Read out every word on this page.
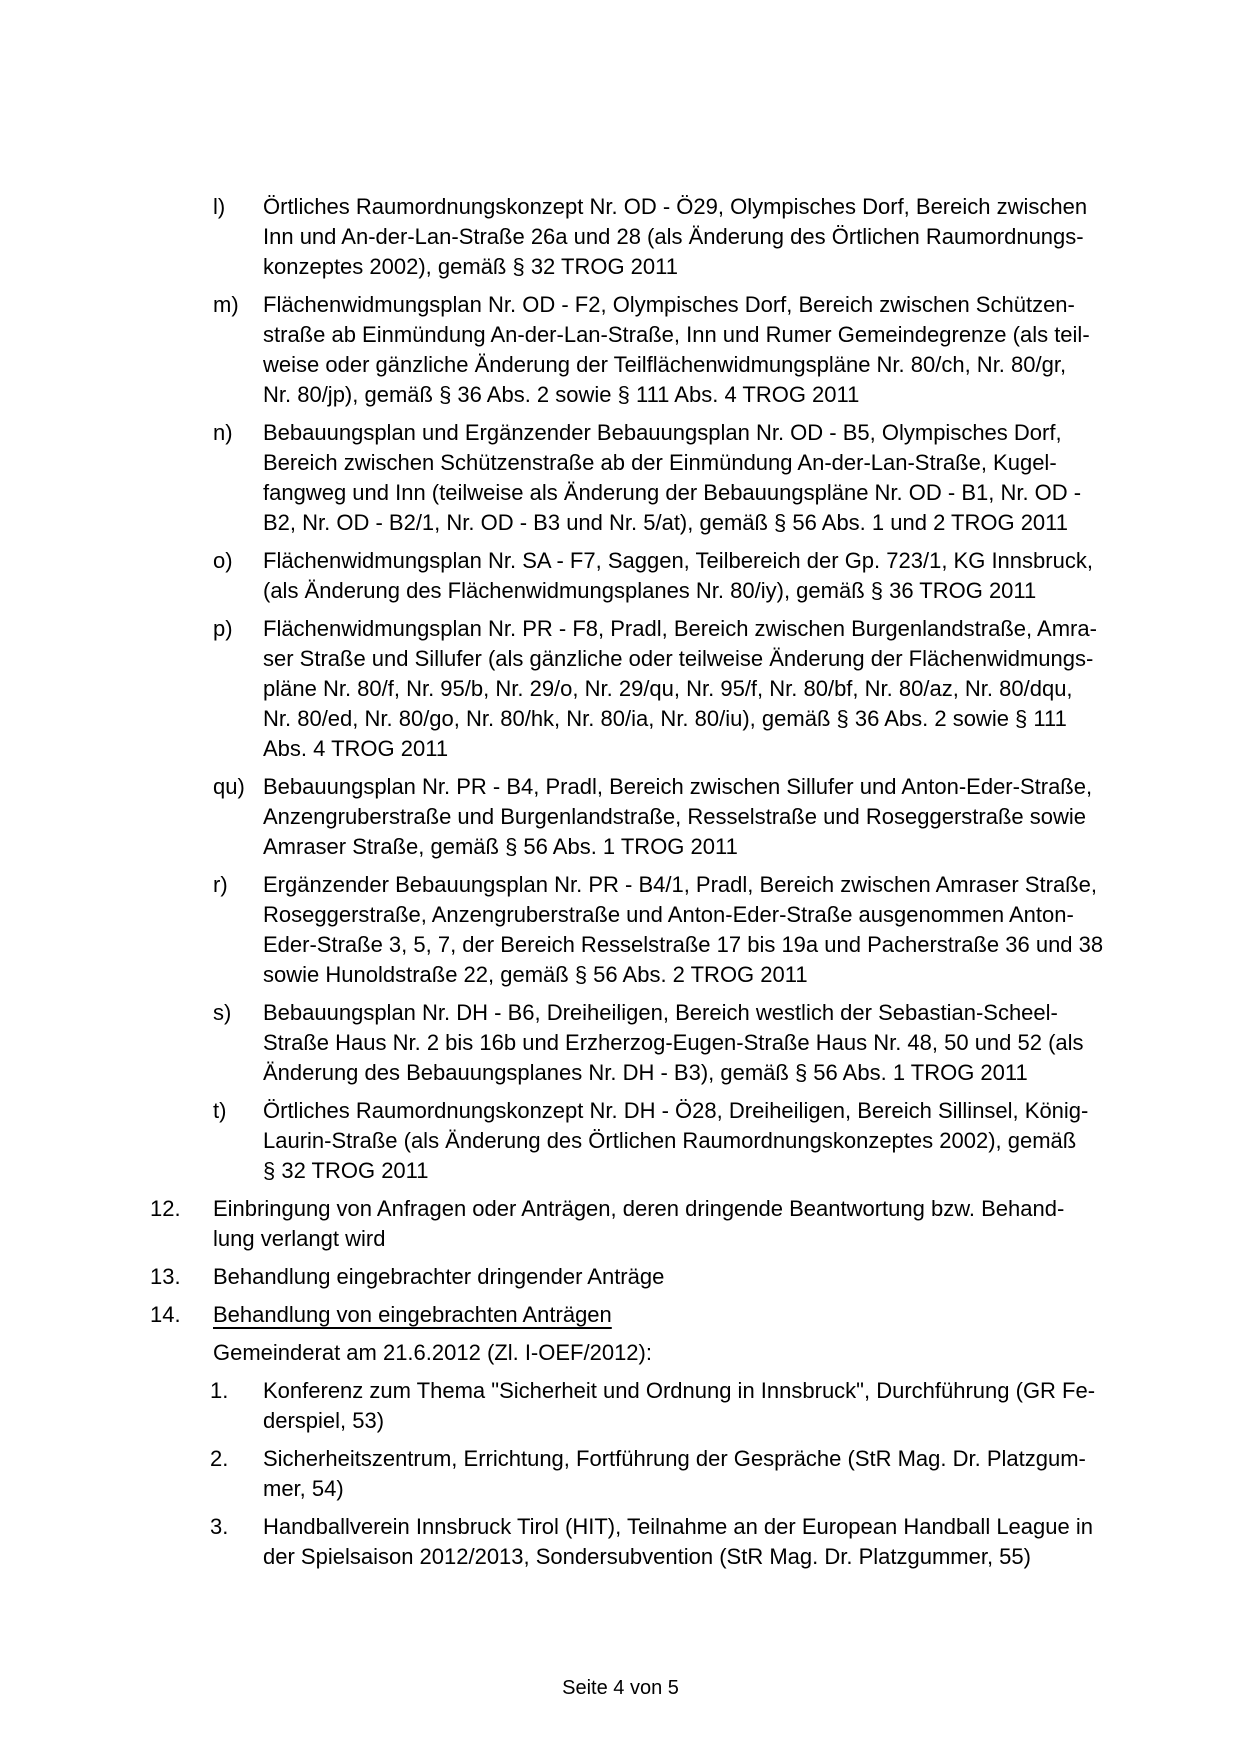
l)	Örtliches Raumordnungskonzept Nr. OD - Ö29, Olympisches Dorf, Bereich zwischen
Inn und An-der-Lan-Straße 26a und 28 (als Änderung des Örtlichen Raumordnungs-
konzeptes 2002), gemäß § 32 TROG 2011
m)	Flächenwidmungsplan Nr. OD - F2, Olympisches Dorf, Bereich zwischen Schützen-
straße ab Einmündung An-der-Lan-Straße, Inn und Rumer Gemeindegrenze (als teil-
weise oder gänzliche Änderung der Teilflächenwidmungspläne Nr. 80/ch, Nr. 80/gr,
Nr. 80/jp), gemäß § 36 Abs. 2 sowie § 111 Abs. 4 TROG 2011
n)	Bebauungsplan und Ergänzender Bebauungsplan Nr. OD - B5, Olympisches Dorf,
Bereich zwischen Schützenstraße ab der Einmündung An-der-Lan-Straße, Kugel-
fangweg und Inn (teilweise als Änderung der Bebauungspläne Nr. OD - B1, Nr. OD -
B2, Nr. OD - B2/1, Nr. OD - B3 und Nr. 5/at), gemäß § 56 Abs. 1 und 2 TROG 2011
o)	Flächenwidmungsplan Nr. SA - F7, Saggen, Teilbereich der Gp. 723/1, KG Innsbruck,
(als Änderung des Flächenwidmungsplanes Nr. 80/iy), gemäß § 36 TROG 2011
p)	Flächenwidmungsplan Nr. PR - F8, Pradl, Bereich zwischen Burgenlandstraße, Amra-
ser Straße und Sillufer (als gänzliche oder teilweise Änderung der Flächenwidmungs-
pläne Nr. 80/f, Nr. 95/b, Nr. 29/o, Nr. 29/qu, Nr. 95/f, Nr. 80/bf, Nr. 80/az, Nr. 80/dqu,
Nr. 80/ed, Nr. 80/go, Nr. 80/hk, Nr. 80/ia, Nr. 80/iu), gemäß § 36 Abs. 2 sowie § 111
Abs. 4 TROG 2011
qu) Bebauungsplan Nr. PR - B4, Pradl, Bereich zwischen Sillufer und Anton-Eder-Straße,
Anzengruberstraße und Burgenlandstraße, Resselstraße und Roseggerstraße sowie
Amraser Straße, gemäß § 56 Abs. 1 TROG 2011
r)	Ergänzender Bebauungsplan Nr. PR - B4/1, Pradl, Bereich zwischen Amraser Straße,
Roseggerstraße, Anzengruberstraße und Anton-Eder-Straße ausgenommen Anton-
Eder-Straße 3, 5, 7, der Bereich Resselstraße 17 bis 19a und Pacherstraße 36 und 38
sowie Hunoldstraße 22, gemäß § 56 Abs. 2 TROG 2011
s)	Bebauungsplan Nr. DH - B6, Dreiheiligen, Bereich westlich der Sebastian-Scheel-
Straße Haus Nr. 2 bis 16b und Erzherzog-Eugen-Straße Haus Nr. 48, 50 und 52 (als
Änderung des Bebauungsplanes Nr. DH - B3), gemäß § 56 Abs. 1 TROG 2011
t)	Örtliches Raumordnungskonzept Nr. DH - Ö28, Dreiheiligen, Bereich Sillinsel, König-
Laurin-Straße (als Änderung des Örtlichen Raumordnungskonzeptes 2002), gemäß
§ 32 TROG 2011
12.	Einbringung von Anfragen oder Anträgen, deren dringende Beantwortung bzw. Behand-
lung verlangt wird
13.	Behandlung eingebrachter dringender Anträge
14.	Behandlung von eingebrachten Anträgen
Gemeinderat am 21.6.2012 (Zl. I-OEF/2012):
1.	Konferenz zum Thema "Sicherheit und Ordnung in Innsbruck", Durchführung (GR Fe-
derspiel, 53)
2.	Sicherheitszentrum, Errichtung, Fortführung der Gespräche (StR Mag. Dr. Platzgum-
mer, 54)
3.	Handballverein Innsbruck Tirol (HIT), Teilnahme an der European Handball League in
der Spielsaison 2012/2013, Sondersubvention (StR Mag. Dr. Platzgummer, 55)
Seite 4 von 5
